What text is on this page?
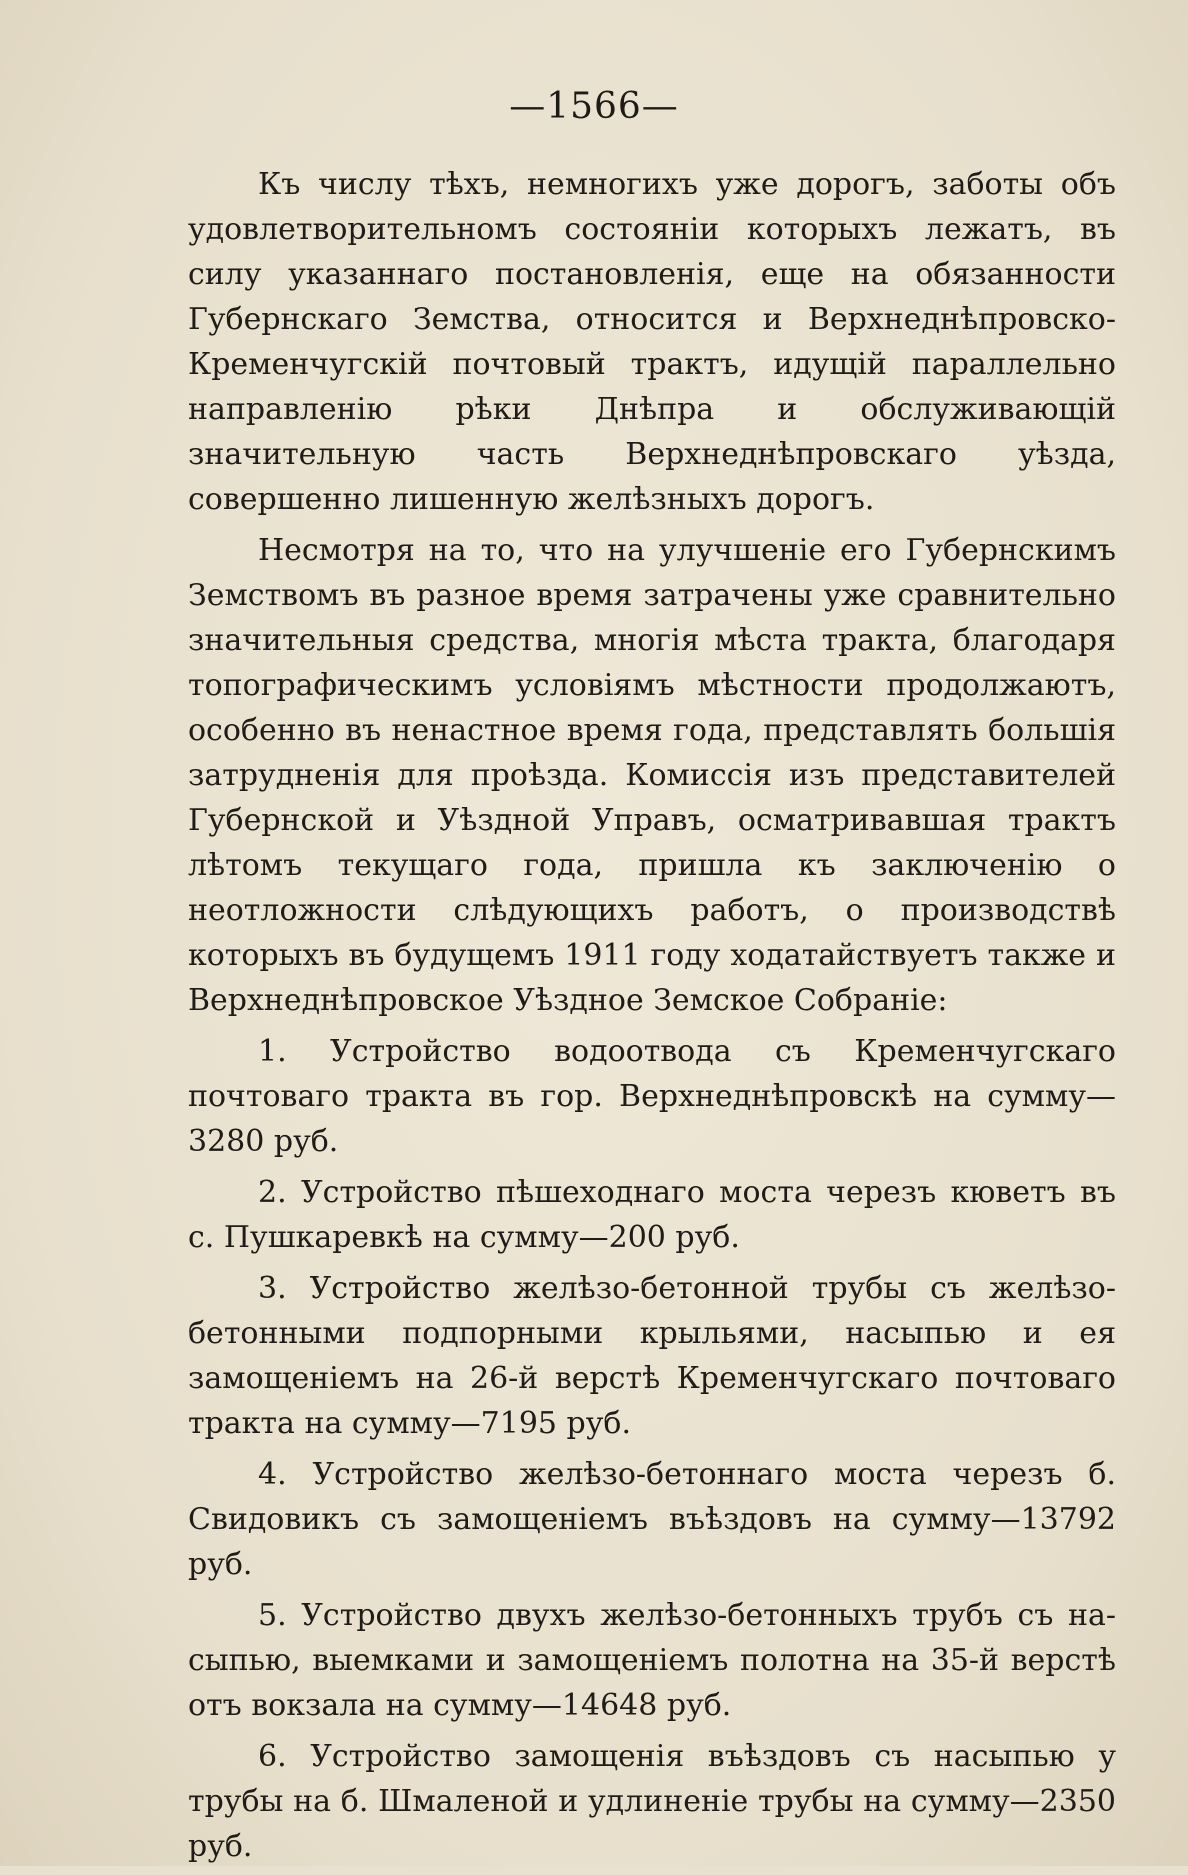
—1566—

Къ числу тѣхъ, немногихъ уже дорогъ, заботы объ удовлетворительномъ состоянiи которыхъ лежатъ, въ силу указаннаго постановленiя, еще на обязанности Губернскаго Земства, относится и Верхнеднѣпровско-Кременчугскiй почтовый трактъ, идущiй параллельно направленiю рѣки Днѣпра и обслуживающiй значительную часть Верхнеднѣпровскаго уѣзда, совершенно лишенную желѣзныхъ дорогъ.

Несмотря на то, что на улучшенiе его Губернскимъ Земствомъ въ разное время затрачены уже сравнительно значительныя средства, многiя мѣста тракта, благодаря топографическимъ условiямъ мѣстности продолжаютъ, особенно въ ненастное время года, представлять большiя затрудненiя для проѣзда. Комиссiя изъ представителей Губернской и Уѣздной Управъ, осматривавшая трактъ лѣтомъ текущаго года, пришла къ заключенiю о неотложности слѣдующихъ работъ, о производствѣ которыхъ въ будущемъ 1911 году ходатайствуетъ также и Верхнеднѣпровское Уѣздное Земское Собранiе:

1. Устройство водоотвода съ Кременчугскаго почтоваго тракта въ гор. Верхнеднѣпровскѣ на сумму—3280 руб.

2. Устройство пѣшеходнаго моста черезъ кюветъ въ с. Пушкаревкѣ на сумму—200 руб.

3. Устройство желѣзо-бетонной трубы съ желѣзо-бетонными подпорными крыльями, насыпью и ея замощенiемъ на 26-й верстѣ Кременчугскаго почтоваго тракта на сумму—7195 руб.

4. Устройство желѣзо-бетоннаго моста черезъ б. Свидовикъ съ замощенiемъ въѣздовъ на сумму—13792 руб.

5. Устройство двухъ желѣзо-бетонныхъ трубъ съ насыпью, выемками и замощенiемъ полотна на 35-й верстѣ отъ вокзала на сумму—14648 руб.

6. Устройство замощенiя въѣздовъ съ насыпью у трубы на б. Шмаленой и удлиненiе трубы на сумму—2350 руб.
